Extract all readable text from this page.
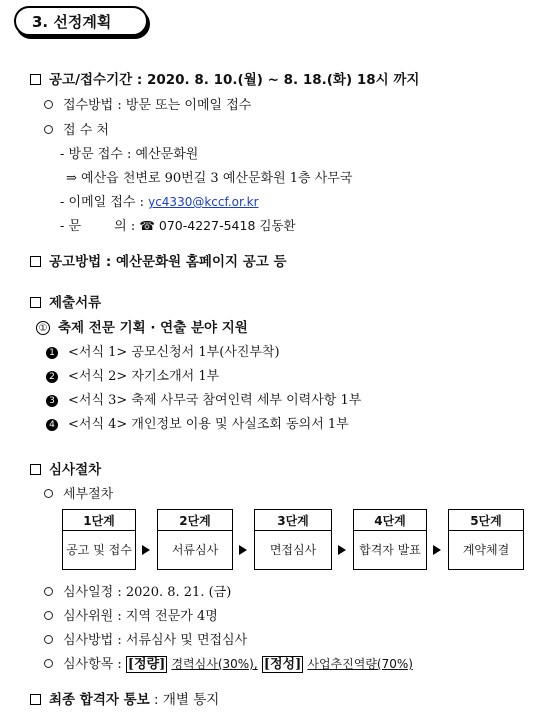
3. 선정계획
공고/접수기간 : 2020. 8. 10.(월) ~ 8. 18.(화) 18시 까지
접수방법 : 방문 또는 이메일 접수
접 수 처
- 방문 접수 : 예산문화원
⇒ 예산읍 천변로 90번길 3 예산문화원 1층 사무국
- 이메일 접수 : yc4330@kccf.or.kr
- 문        의 : ☎ 070-4227-5418 김동환
공고방법 : 예산문화원 홈페이지 공고 등
제출서류
① 축제 전문 기획 · 연출 분야 지원
1 <서식 1> 공모신청서 1부(사진부착)
2 <서식 2> 자기소개서 1부
3 <서식 3> 축제 사무국 참여인력 세부 이력사항 1부
4 <서식 4> 개인정보 이용 및 사실조회 동의서 1부
심사절차
세부절차
1단계
공고 및 접수
2단계
서류심사
3단계
면접심사
4단계
합격자 발표
5단계
계약체결
심사일정 : 2020. 8. 21. (금)
심사위원 : 지역 전문가 4명
심사방법 : 서류심사 및 면접심사
심사항목 : [정량] 경력심사(30%), [정성] 사업추진역량(70%)
최종 합격자 통보 : 개별 통지
